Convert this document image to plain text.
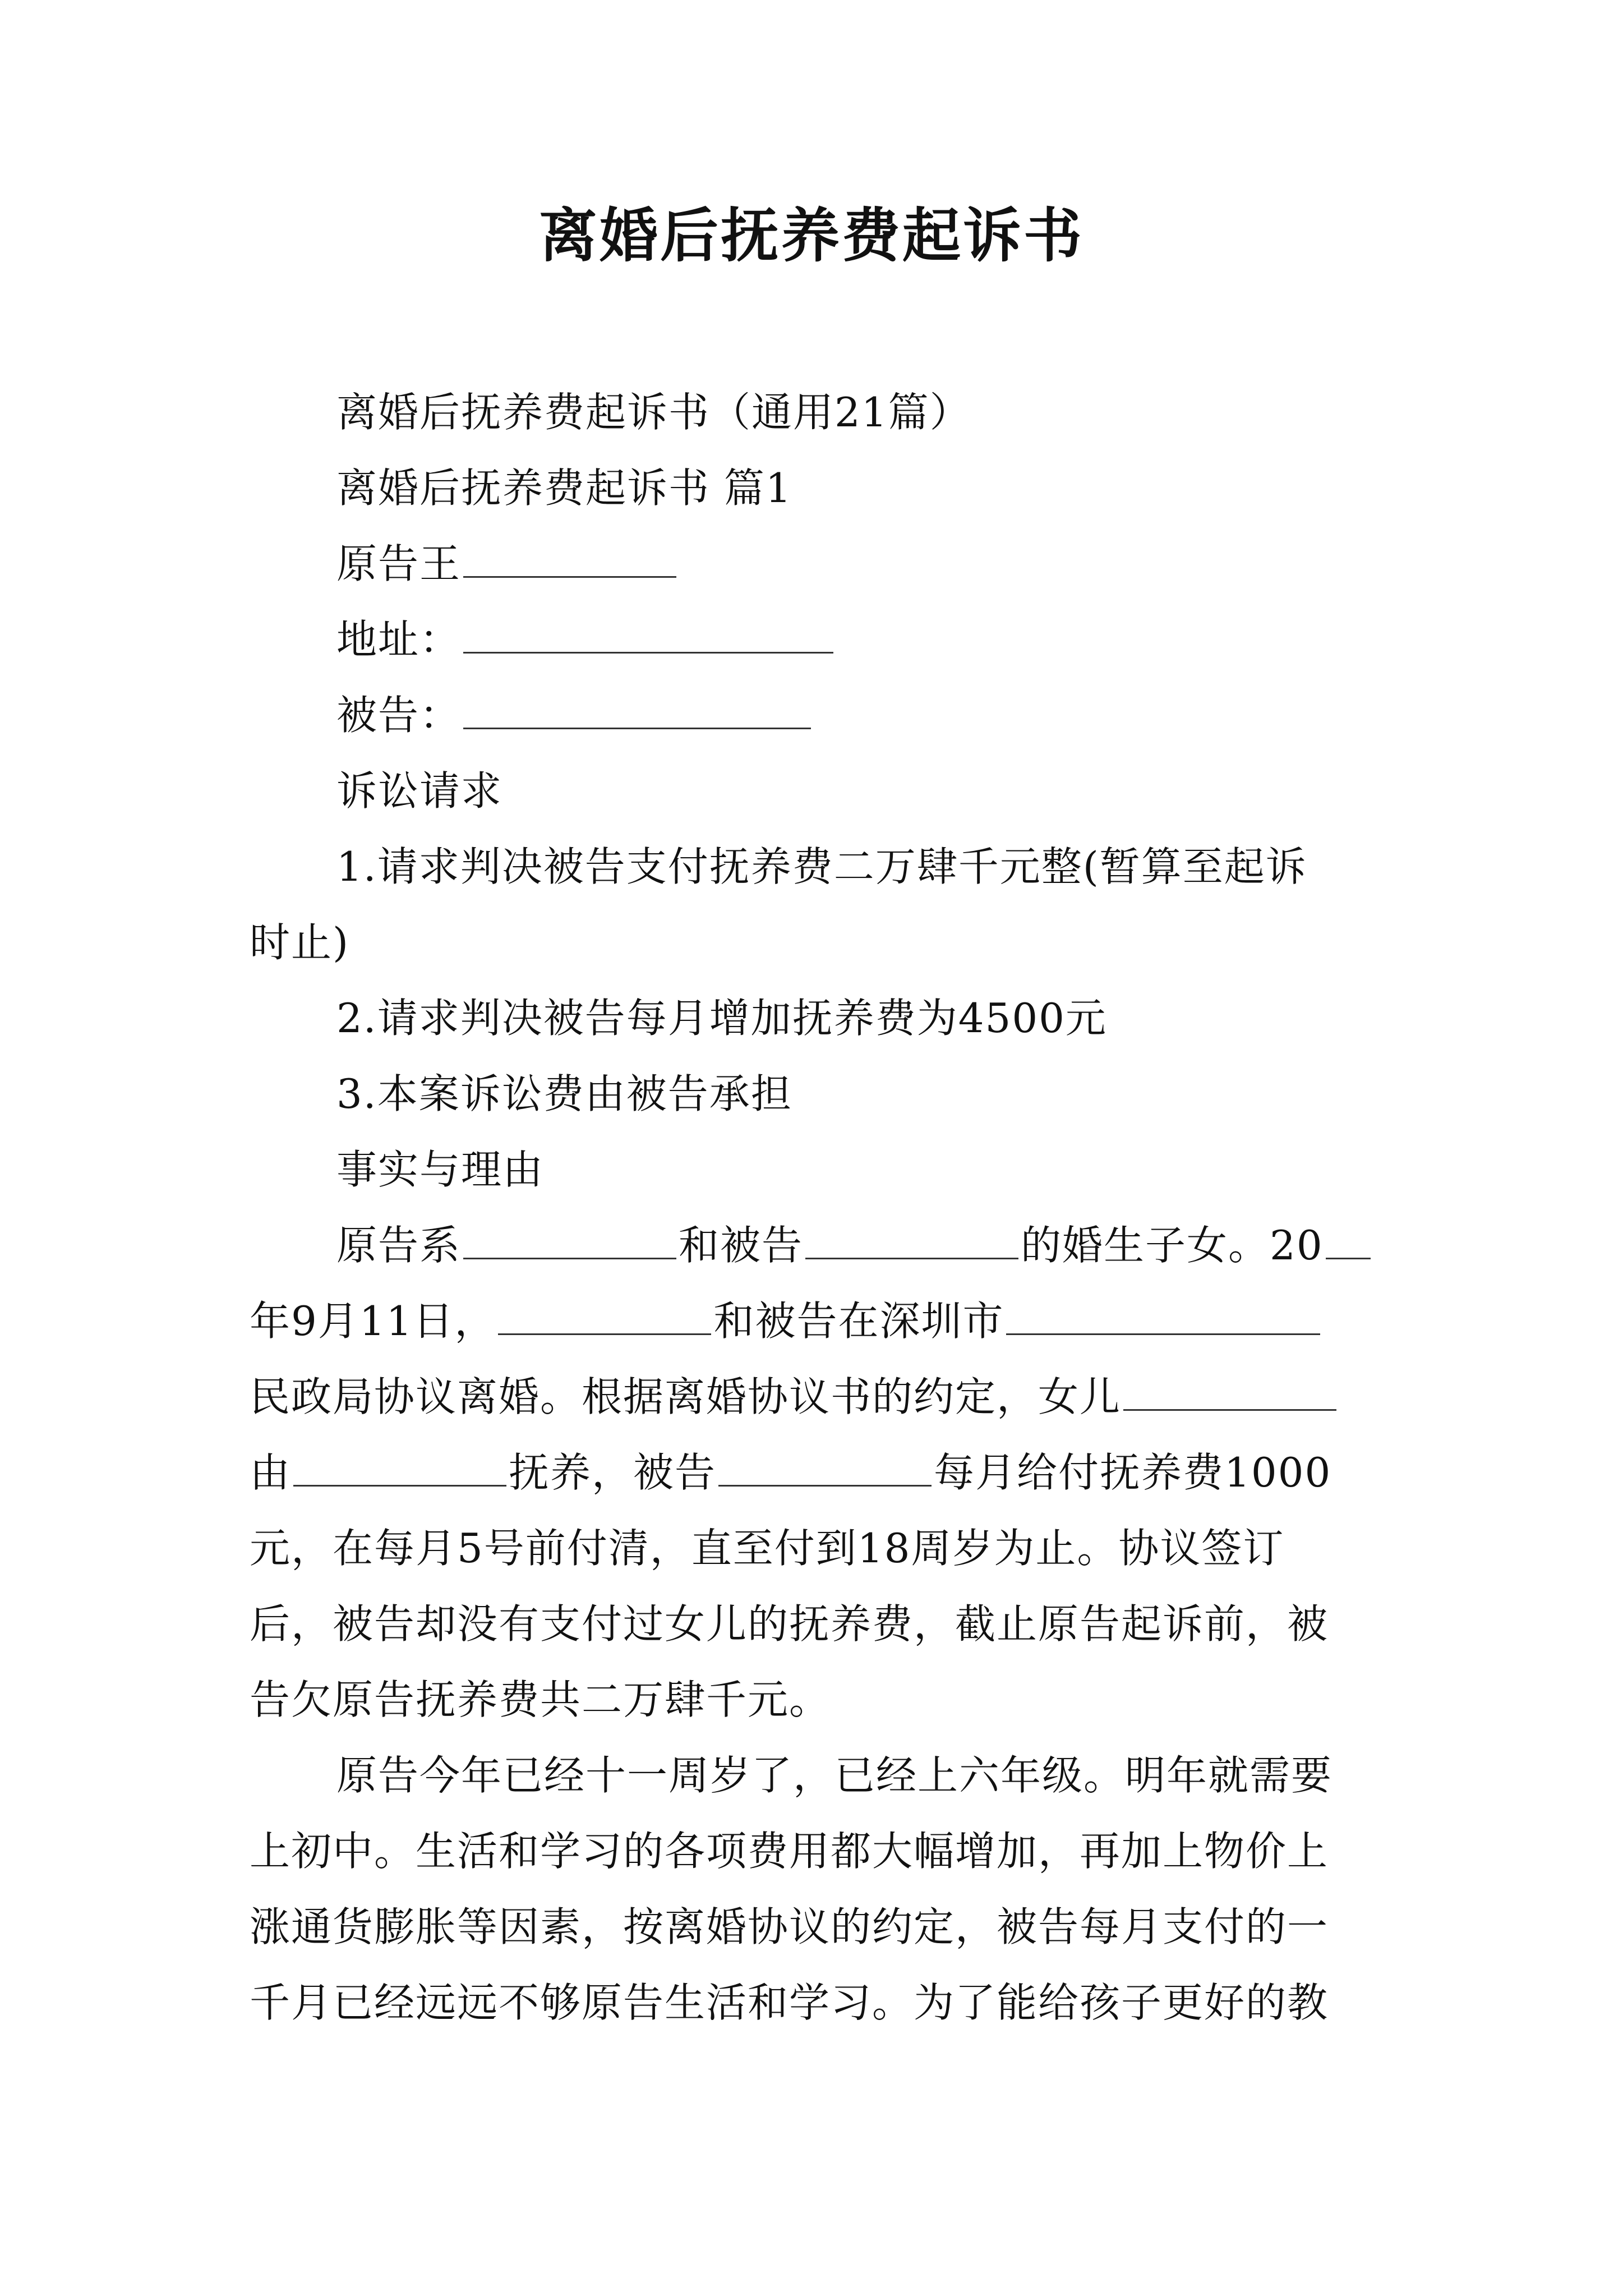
离婚后抚养费起诉书
离婚后抚养费起诉书（通用21篇）
离婚后抚养费起诉书 篇1
原告王
地址：
被告：
诉讼请求
1.请求判决被告支付抚养费二万肆千元整(暂算至起诉
时止)
2.请求判决被告每月增加抚养费为4500元
3.本案诉讼费由被告承担
事实与理由
原告系	和被告	的婚生子女。20
年9月11日，	和被告在深圳市
民政局协议离婚。根据离婚协议书的约定，女儿
由	抚养，被告	每月给付抚养费1000
元，在每月5号前付清，直至付到18周岁为止。协议签订
后，被告却没有支付过女儿的抚养费，截止原告起诉前，被
告欠原告抚养费共二万肆千元。
原告今年已经十一周岁了，已经上六年级。明年就需要
上初中。生活和学习的各项费用都大幅增加，再加上物价上
涨通货膨胀等因素，按离婚协议的约定，被告每月支付的一
千月已经远远不够原告生活和学习。为了能给孩子更好的教
